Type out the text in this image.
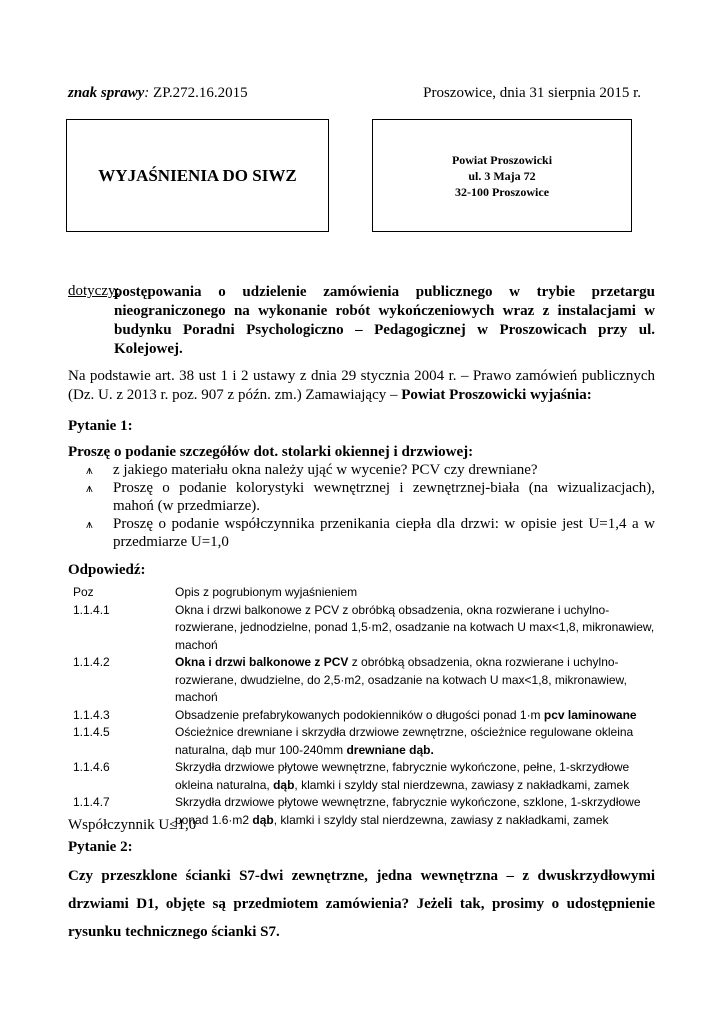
znak sprawy: ZP.272.16.2015	Proszowice, dnia 31 sierpnia 2015 r.
WYJAŚNIENIA DO SIWZ
Powiat Proszowicki
ul. 3 Maja 72
32-100 Proszowice
dotyczy:
postępowania o udzielenie zamówienia publicznego w trybie przetargu nieograniczonego na wykonanie robót wykończeniowych wraz z instalacjami w budynku Poradni Psychologiczno – Pedagogicznej w Proszowicach przy ul. Kolejowej.
Na podstawie art. 38 ust 1 i 2 ustawy z dnia 29 stycznia 2004 r. – Prawo zamówień publicznych (Dz. U. z 2013 r. poz. 907 z późn. zm.) Zamawiający – Powiat Proszowicki wyjaśnia:
Pytanie 1:
Proszę o podanie szczegółów dot. stolarki okiennej i drzwiowej:
⩚ z jakiego materiału okna należy ująć w wycenie? PCV czy drewniane?
⩚ Proszę o podanie kolorystyki wewnętrznej i zewnętrznej-biała (na wizualizacjach), mahoń (w przedmiarze).
⩚ Proszę o podanie współczynnika przenikania ciepła dla drzwi: w opisie jest U=1,4 a w przedmiarze U=1,0
Odpowiedź:
Poz	Opis z pogrubionym wyjaśnieniem
1.1.4.1	Okna i drzwi balkonowe z PCV z obróbką obsadzenia, okna rozwierane i uchylno-rozwierane, jednodzielne, ponad 1,5·m2, osadzanie na kotwach U max<1,8, mikronawiew, machoń
1.1.4.2	Okna i drzwi balkonowe z PCV z obróbką obsadzenia, okna rozwierane i uchylno-rozwierane, dwudzielne, do 2,5·m2, osadzanie na kotwach U max<1,8, mikronawiew, machoń
1.1.4.3	Obsadzenie prefabrykowanych podokienników o długości ponad 1·m pcv laminowane
1.1.4.5	Ościeżnice drewniane i skrzydła drzwiowe zewnętrzne, ościeżnice regulowane okleina naturalna, dąb mur 100-240mm drewniane dąb.
1.1.4.6	Skrzydła drzwiowe płytowe wewnętrzne, fabrycznie wykończone, pełne, 1-skrzydłowe okleina naturalna, dąb, klamki i szyldy stal nierdzewna, zawiasy z nakładkami, zamek
1.1.4.7	Skrzydła drzwiowe płytowe wewnętrzne, fabrycznie wykończone, szklone, 1-skrzydłowe ponad 1.6·m2 dąb, klamki i szyldy stal nierdzewna, zawiasy z nakładkami, zamek
Współczynnik U≤1,0
Pytanie 2:
Czy przeszklone ścianki S7-dwi zewnętrzne, jedna wewnętrzna – z dwuskrzydłowymi drzwiami D1, objęte są przedmiotem zamówienia? Jeżeli tak, prosimy o udostępnienie rysunku technicznego ścianki S7.
